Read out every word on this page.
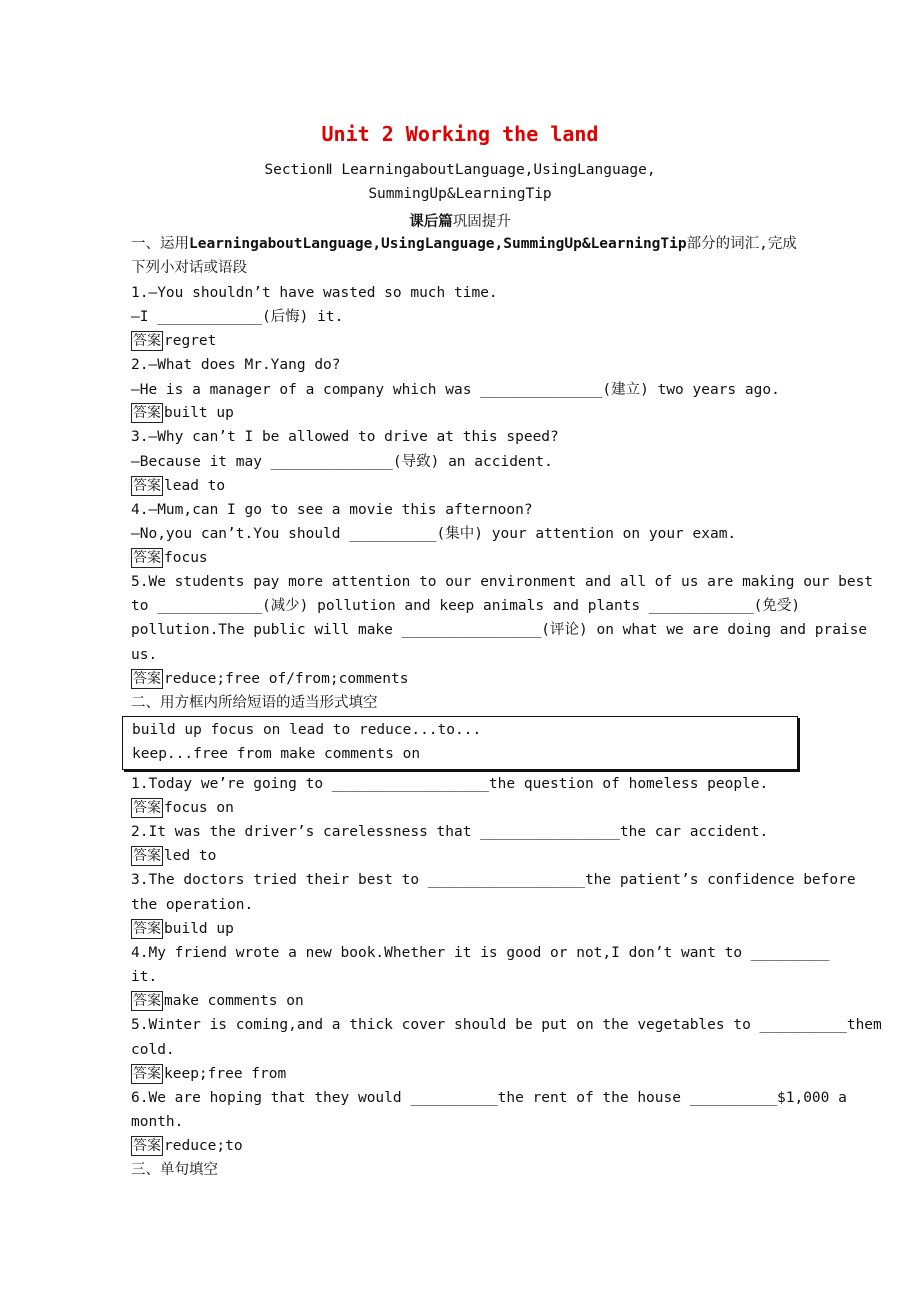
Unit 2 Working the land
SectionⅡ LearningaboutLanguage,UsingLanguage,
SummingUp&LearningTip
课后篇巩固提升
一、运用LearningaboutLanguage,UsingLanguage,SummingUp&LearningTip部分的词汇,完成
下列小对话或语段
1.—You shouldn’t have wasted so much time.
—I ____________(后悔) it.
答案 regret
2.—What does Mr.Yang do?
—He is a manager of a company which was ______________(建立) two years ago.
答案 built up
3.—Why can’t I be allowed to drive at this speed?
—Because it may ______________(导致) an accident.
答案 lead to
4.—Mum,can I go to see a movie this afternoon?
—No,you can’t.You should __________(集中) your attention on your exam.
答案 focus
5.We students pay more attention to our environment and all of us are making our best
to ____________(减少) pollution and keep animals and plants ____________(免受)
pollution.The public will make ________________(评论) on what we are doing and praise
us.
答案 reduce;free of/from;comments
二、用方框内所给短语的适当形式填空
build up focus on lead to reduce...to...
keep...free from make comments on
1.Today we’re going to __________________the question of homeless people.
答案 focus on
2.It was the driver’s carelessness that ________________the car accident.
答案 led to
3.The doctors tried their best to __________________the patient’s confidence before
the operation.
答案 build up
4.My friend wrote a new book.Whether it is good or not,I don’t want to _________
it.
答案 make comments on
5.Winter is coming,and a thick cover should be put on the vegetables to __________them
cold.
答案 keep;free from
6.We are hoping that they would __________the rent of the house __________$1,000 a
month.
答案 reduce;to
三、单句填空
